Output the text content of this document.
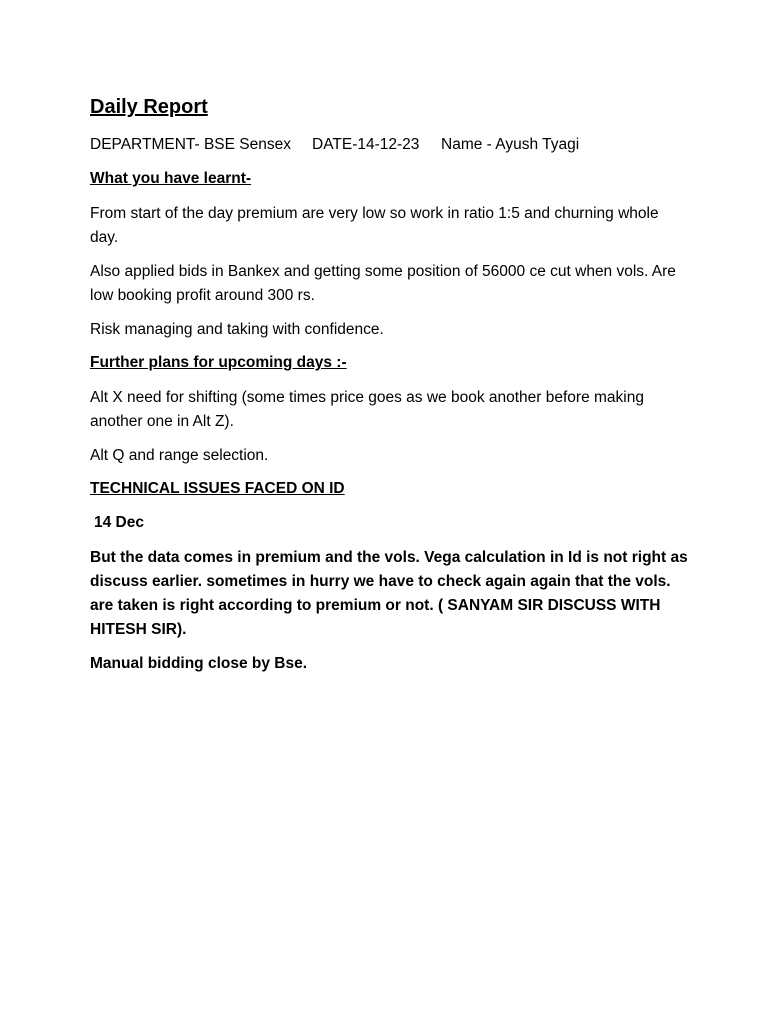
Daily Report
DEPARTMENT- BSE Sensex DATE-14-12-23 Name - Ayush Tyagi
What you have learnt-
From start of the day premium are very low so work in ratio 1:5 and churning whole day.
Also applied bids in Bankex and getting some position of 56000 ce cut when vols. Are low booking profit around 300 rs.
Risk managing and taking with confidence.
Further plans for upcoming days :-
Alt X need for shifting (some times price goes as we book another before making another one in Alt Z).
Alt Q and range selection.
TECHNICAL ISSUES FACED ON ID
14 Dec
But the data comes in premium and the vols. Vega calculation in Id is not right as discuss earlier. sometimes in hurry we have to check again again that the vols. are taken is right according to premium or not. ( SANYAM SIR DISCUSS WITH HITESH SIR).
Manual bidding close by Bse.
